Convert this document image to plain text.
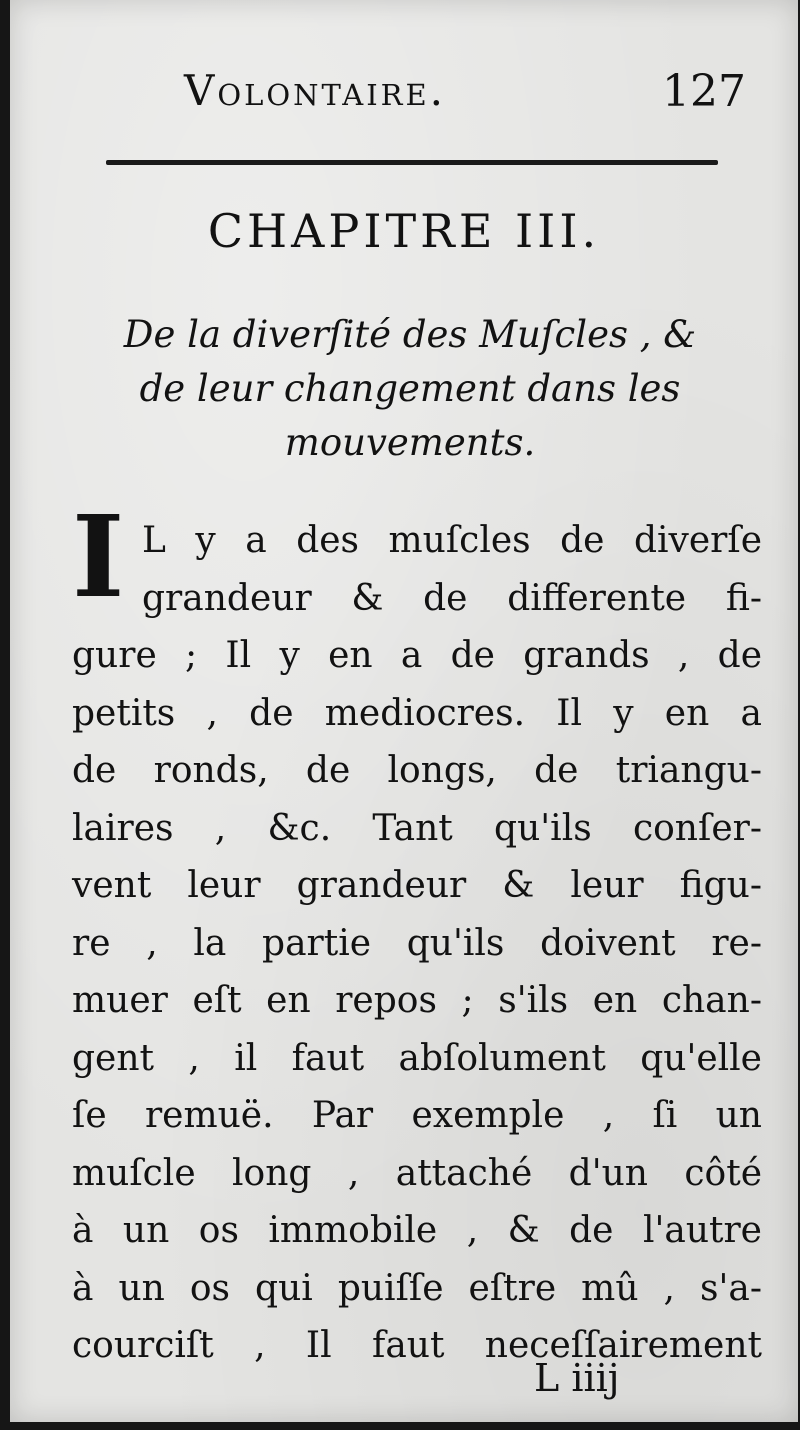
Volontaire.	127
CHAPITRE III.
De la diverſité des Muſcles , &
de leur changement dans les
mouvements.
I L y a des muſcles de diverſe
grandeur & de differente fi-
gure ; Il y en a de grands , de
petits , de mediocres. Il y en a
de ronds, de longs, de triangu-
laires , &c. Tant qu'ils conſer-
vent leur grandeur & leur figu-
re , la partie qu'ils doivent re-
muer eſt en repos ; s'ils en chan-
gent , il faut abſolument qu'elle
ſe remuë. Par exemple , ſi un
muſcle long , attaché d'un côté
à un os immobile , & de l'autre
à un os qui puiſſe eſtre mû , s'a-
courciſt , Il faut neceſſairement
L iiij
